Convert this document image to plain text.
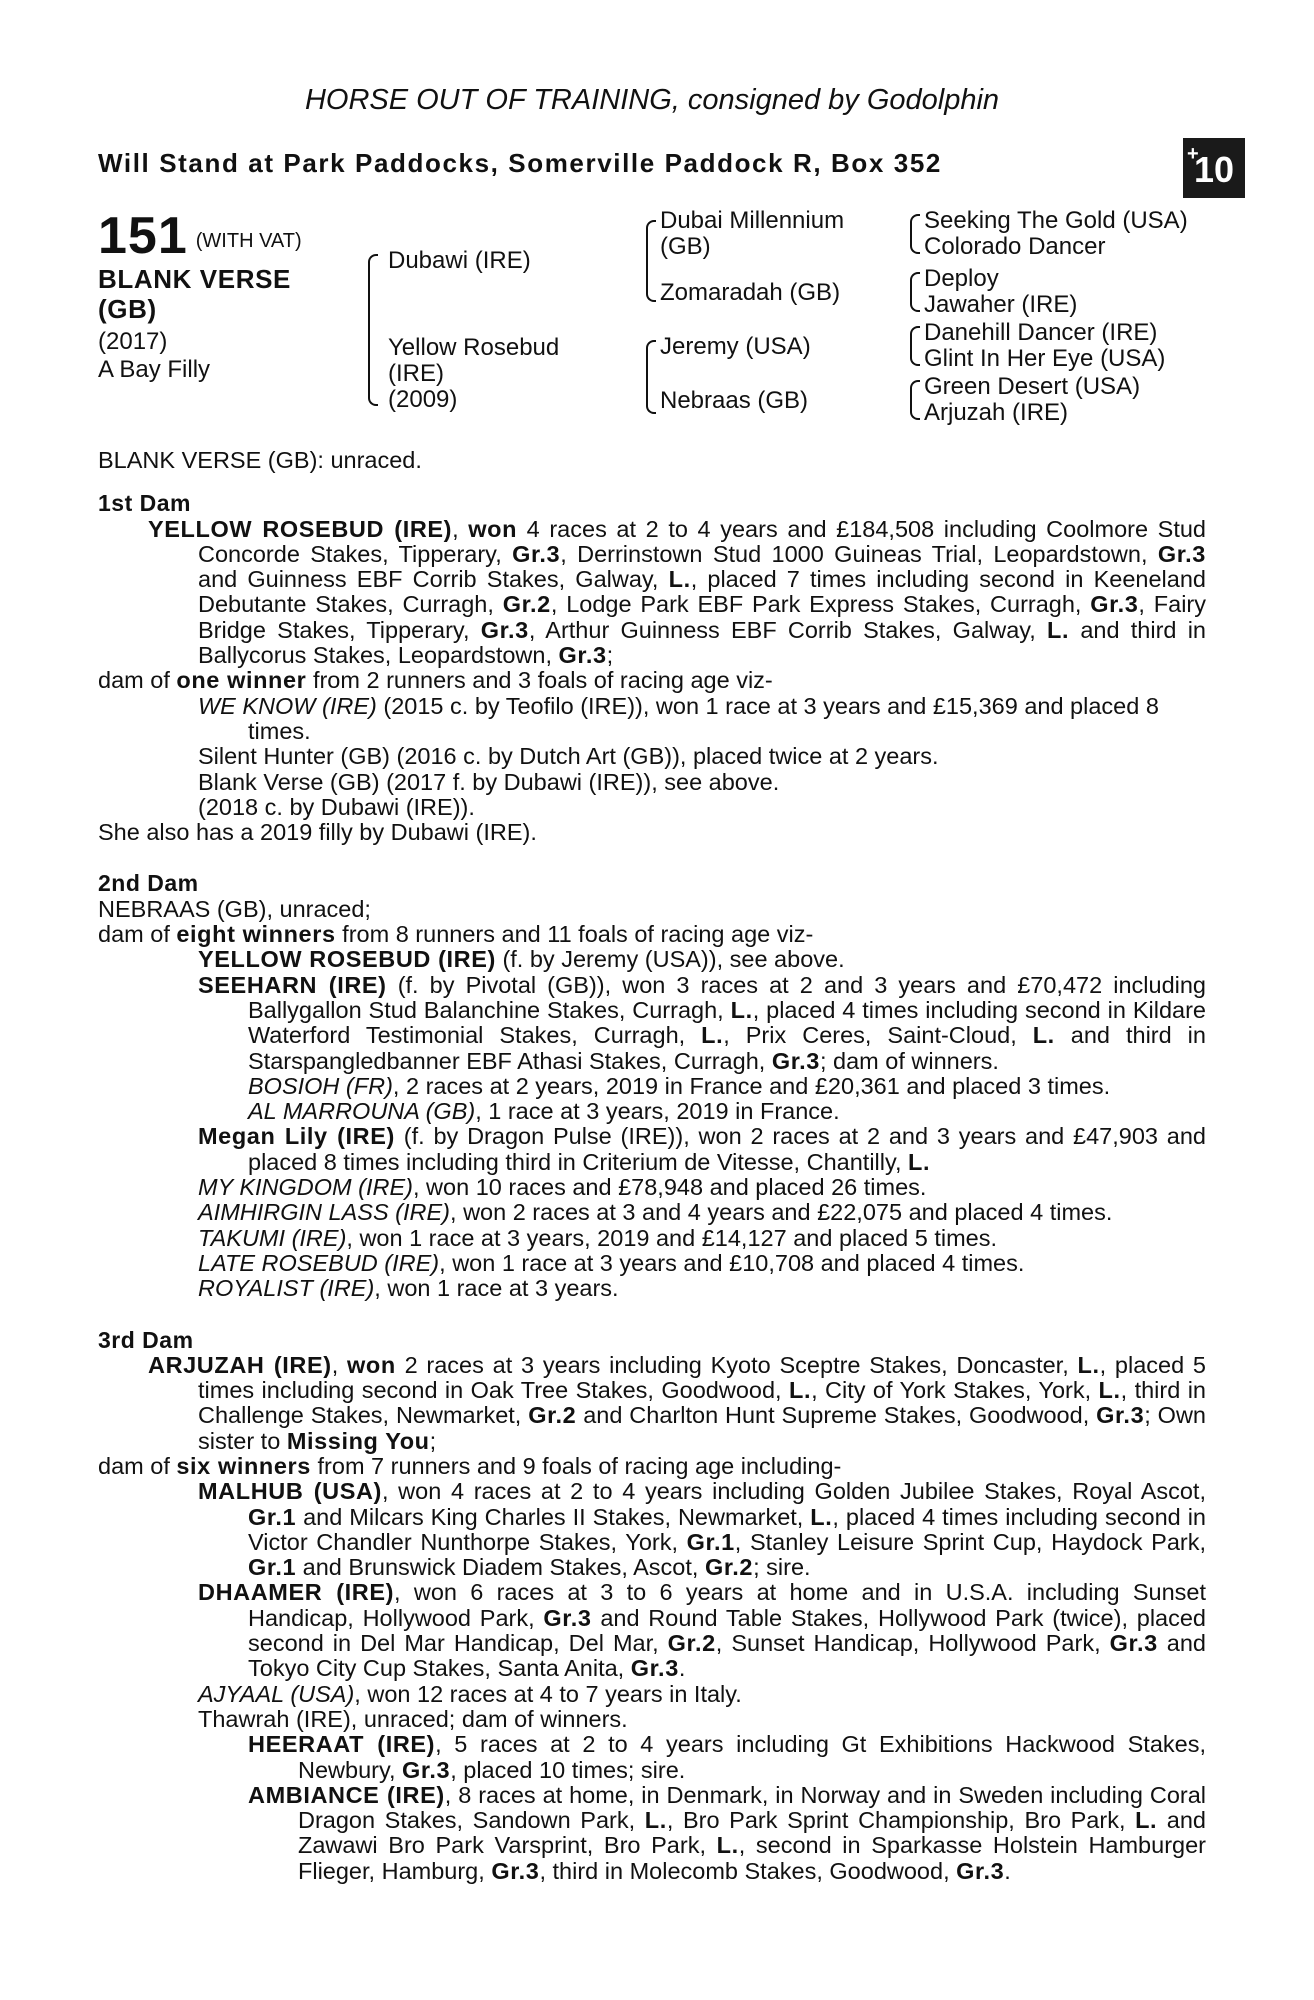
HORSE OUT OF TRAINING, consigned by Godolphin
Will Stand at Park Paddocks, Somerville Paddock R, Box 352	+
10
151 (WITH VAT)
BLANK VERSE
(GB)
(2017)
A Bay Filly
Dubawi (IRE)
Yellow Rosebud
(IRE)
(2009)
Dubai Millennium
(GB)
Zomaradah (GB)
Jeremy (USA)
Nebraas (GB)
Seeking The Gold (USA)
Colorado Dancer
Deploy
Jawaher (IRE)
Danehill Dancer (IRE)
Glint In Her Eye (USA)
Green Desert (USA)
Arjuzah (IRE)

BLANK VERSE (GB): unraced.

1st Dam

YELLOW ROSEBUD (IRE), won 4 races at 2 to 4 years and £184,508 including Coolmore Stud Concorde Stakes, Tipperary, Gr.3, Derrinstown Stud 1000 Guineas Trial, Leopardstown, Gr.3 and Guinness EBF Corrib Stakes, Galway, L., placed 7 times including second in Keeneland Debutante Stakes, Curragh, Gr.2, Lodge Park EBF Park Express Stakes, Curragh, Gr.3, Fairy Bridge Stakes, Tipperary, Gr.3, Arthur Guinness EBF Corrib Stakes, Galway, L. and third in Ballycorus Stakes, Leopardstown, Gr.3;

dam of one winner from 2 runners and 3 foals of racing age viz-

WE KNOW (IRE) (2015 c. by Teofilo (IRE)), won 1 race at 3 years and £15,369 and placed 8 times.

Silent Hunter (GB) (2016 c. by Dutch Art (GB)), placed twice at 2 years.

Blank Verse (GB) (2017 f. by Dubawi (IRE)), see above.

(2018 c. by Dubawi (IRE)).

She also has a 2019 filly by Dubawi (IRE).

2nd Dam

NEBRAAS (GB), unraced;

dam of eight winners from 8 runners and 11 foals of racing age viz-

YELLOW ROSEBUD (IRE) (f. by Jeremy (USA)), see above.

SEEHARN (IRE) (f. by Pivotal (GB)), won 3 races at 2 and 3 years and £70,472 including Ballygallon Stud Balanchine Stakes, Curragh, L., placed 4 times including second in Kildare Waterford Testimonial Stakes, Curragh, L., Prix Ceres, Saint-Cloud, L. and third in Starspangledbanner EBF Athasi Stakes, Curragh, Gr.3; dam of winners.

BOSIOH (FR), 2 races at 2 years, 2019 in France and £20,361 and placed 3 times.

AL MARROUNA (GB), 1 race at 3 years, 2019 in France.

Megan Lily (IRE) (f. by Dragon Pulse (IRE)), won 2 races at 2 and 3 years and £47,903 and placed 8 times including third in Criterium de Vitesse, Chantilly, L.

MY KINGDOM (IRE), won 10 races and £78,948 and placed 26 times.

AIMHIRGIN LASS (IRE), won 2 races at 3 and 4 years and £22,075 and placed 4 times.

TAKUMI (IRE), won 1 race at 3 years, 2019 and £14,127 and placed 5 times.

LATE ROSEBUD (IRE), won 1 race at 3 years and £10,708 and placed 4 times.

ROYALIST (IRE), won 1 race at 3 years.

3rd Dam

ARJUZAH (IRE), won 2 races at 3 years including Kyoto Sceptre Stakes, Doncaster, L., placed 5 times including second in Oak Tree Stakes, Goodwood, L., City of York Stakes, York, L., third in Challenge Stakes, Newmarket, Gr.2 and Charlton Hunt Supreme Stakes, Goodwood, Gr.3; Own sister to Missing You;

dam of six winners from 7 runners and 9 foals of racing age including-

MALHUB (USA), won 4 races at 2 to 4 years including Golden Jubilee Stakes, Royal Ascot, Gr.1 and Milcars King Charles II Stakes, Newmarket, L., placed 4 times including second in Victor Chandler Nunthorpe Stakes, York, Gr.1, Stanley Leisure Sprint Cup, Haydock Park, Gr.1 and Brunswick Diadem Stakes, Ascot, Gr.2; sire.

DHAAMER (IRE), won 6 races at 3 to 6 years at home and in U.S.A. including Sunset Handicap, Hollywood Park, Gr.3 and Round Table Stakes, Hollywood Park (twice), placed second in Del Mar Handicap, Del Mar, Gr.2, Sunset Handicap, Hollywood Park, Gr.3 and Tokyo City Cup Stakes, Santa Anita, Gr.3.

AJYAAL (USA), won 12 races at 4 to 7 years in Italy.

Thawrah (IRE), unraced; dam of winners.

HEERAAT (IRE), 5 races at 2 to 4 years including Gt Exhibitions Hackwood Stakes, Newbury, Gr.3, placed 10 times; sire.

AMBIANCE (IRE), 8 races at home, in Denmark, in Norway and in Sweden including Coral Dragon Stakes, Sandown Park, L., Bro Park Sprint Championship, Bro Park, L. and Zawawi Bro Park Varsprint, Bro Park, L., second in Sparkasse Holstein Hamburger Flieger, Hamburg, Gr.3, third in Molecomb Stakes, Goodwood, Gr.3.
